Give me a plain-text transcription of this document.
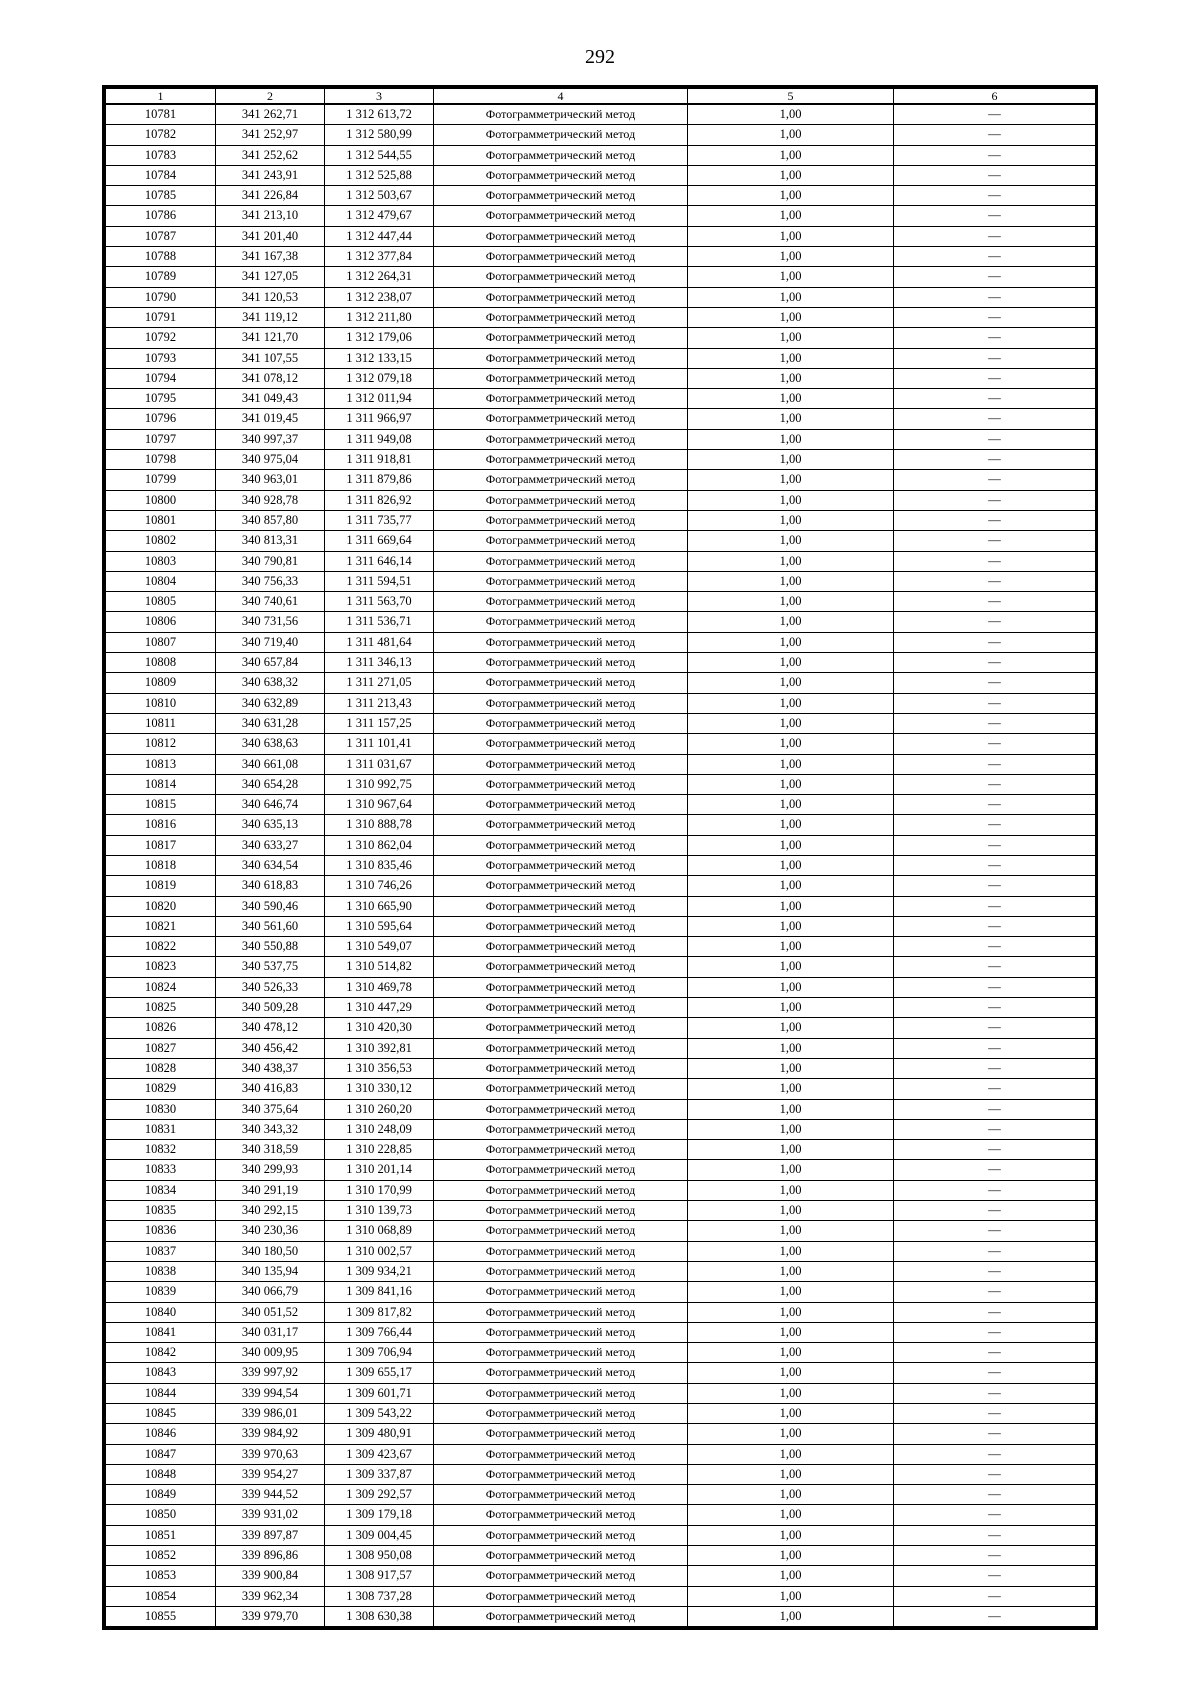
292
1	2	3	4	5	6
10781	341 262,71	1 312 613,72	Фотограмметрический метод	1,00	—
10782	341 252,97	1 312 580,99	Фотограмметрический метод	1,00	—
10783	341 252,62	1 312 544,55	Фотограмметрический метод	1,00	—
10784	341 243,91	1 312 525,88	Фотограмметрический метод	1,00	—
10785	341 226,84	1 312 503,67	Фотограмметрический метод	1,00	—
10786	341 213,10	1 312 479,67	Фотограмметрический метод	1,00	—
10787	341 201,40	1 312 447,44	Фотограмметрический метод	1,00	—
10788	341 167,38	1 312 377,84	Фотограмметрический метод	1,00	—
10789	341 127,05	1 312 264,31	Фотограмметрический метод	1,00	—
10790	341 120,53	1 312 238,07	Фотограмметрический метод	1,00	—
10791	341 119,12	1 312 211,80	Фотограмметрический метод	1,00	—
10792	341 121,70	1 312 179,06	Фотограмметрический метод	1,00	—
10793	341 107,55	1 312 133,15	Фотограмметрический метод	1,00	—
10794	341 078,12	1 312 079,18	Фотограмметрический метод	1,00	—
10795	341 049,43	1 312 011,94	Фотограмметрический метод	1,00	—
10796	341 019,45	1 311 966,97	Фотограмметрический метод	1,00	—
10797	340 997,37	1 311 949,08	Фотограмметрический метод	1,00	—
10798	340 975,04	1 311 918,81	Фотограмметрический метод	1,00	—
10799	340 963,01	1 311 879,86	Фотограмметрический метод	1,00	—
10800	340 928,78	1 311 826,92	Фотограмметрический метод	1,00	—
10801	340 857,80	1 311 735,77	Фотограмметрический метод	1,00	—
10802	340 813,31	1 311 669,64	Фотограмметрический метод	1,00	—
10803	340 790,81	1 311 646,14	Фотограмметрический метод	1,00	—
10804	340 756,33	1 311 594,51	Фотограмметрический метод	1,00	—
10805	340 740,61	1 311 563,70	Фотограмметрический метод	1,00	—
10806	340 731,56	1 311 536,71	Фотограмметрический метод	1,00	—
10807	340 719,40	1 311 481,64	Фотограмметрический метод	1,00	—
10808	340 657,84	1 311 346,13	Фотограмметрический метод	1,00	—
10809	340 638,32	1 311 271,05	Фотограмметрический метод	1,00	—
10810	340 632,89	1 311 213,43	Фотограмметрический метод	1,00	—
10811	340 631,28	1 311 157,25	Фотограмметрический метод	1,00	—
10812	340 638,63	1 311 101,41	Фотограмметрический метод	1,00	—
10813	340 661,08	1 311 031,67	Фотограмметрический метод	1,00	—
10814	340 654,28	1 310 992,75	Фотограмметрический метод	1,00	—
10815	340 646,74	1 310 967,64	Фотограмметрический метод	1,00	—
10816	340 635,13	1 310 888,78	Фотограмметрический метод	1,00	—
10817	340 633,27	1 310 862,04	Фотограмметрический метод	1,00	—
10818	340 634,54	1 310 835,46	Фотограмметрический метод	1,00	—
10819	340 618,83	1 310 746,26	Фотограмметрический метод	1,00	—
10820	340 590,46	1 310 665,90	Фотограмметрический метод	1,00	—
10821	340 561,60	1 310 595,64	Фотограмметрический метод	1,00	—
10822	340 550,88	1 310 549,07	Фотограмметрический метод	1,00	—
10823	340 537,75	1 310 514,82	Фотограмметрический метод	1,00	—
10824	340 526,33	1 310 469,78	Фотограмметрический метод	1,00	—
10825	340 509,28	1 310 447,29	Фотограмметрический метод	1,00	—
10826	340 478,12	1 310 420,30	Фотограмметрический метод	1,00	—
10827	340 456,42	1 310 392,81	Фотограмметрический метод	1,00	—
10828	340 438,37	1 310 356,53	Фотограмметрический метод	1,00	—
10829	340 416,83	1 310 330,12	Фотограмметрический метод	1,00	—
10830	340 375,64	1 310 260,20	Фотограмметрический метод	1,00	—
10831	340 343,32	1 310 248,09	Фотограмметрический метод	1,00	—
10832	340 318,59	1 310 228,85	Фотограмметрический метод	1,00	—
10833	340 299,93	1 310 201,14	Фотограмметрический метод	1,00	—
10834	340 291,19	1 310 170,99	Фотограмметрический метод	1,00	—
10835	340 292,15	1 310 139,73	Фотограмметрический метод	1,00	—
10836	340 230,36	1 310 068,89	Фотограмметрический метод	1,00	—
10837	340 180,50	1 310 002,57	Фотограмметрический метод	1,00	—
10838	340 135,94	1 309 934,21	Фотограмметрический метод	1,00	—
10839	340 066,79	1 309 841,16	Фотограмметрический метод	1,00	—
10840	340 051,52	1 309 817,82	Фотограмметрический метод	1,00	—
10841	340 031,17	1 309 766,44	Фотограмметрический метод	1,00	—
10842	340 009,95	1 309 706,94	Фотограмметрический метод	1,00	—
10843	339 997,92	1 309 655,17	Фотограмметрический метод	1,00	—
10844	339 994,54	1 309 601,71	Фотограмметрический метод	1,00	—
10845	339 986,01	1 309 543,22	Фотограмметрический метод	1,00	—
10846	339 984,92	1 309 480,91	Фотограмметрический метод	1,00	—
10847	339 970,63	1 309 423,67	Фотограмметрический метод	1,00	—
10848	339 954,27	1 309 337,87	Фотограмметрический метод	1,00	—
10849	339 944,52	1 309 292,57	Фотограмметрический метод	1,00	—
10850	339 931,02	1 309 179,18	Фотограмметрический метод	1,00	—
10851	339 897,87	1 309 004,45	Фотограмметрический метод	1,00	—
10852	339 896,86	1 308 950,08	Фотограмметрический метод	1,00	—
10853	339 900,84	1 308 917,57	Фотограмметрический метод	1,00	—
10854	339 962,34	1 308 737,28	Фотограмметрический метод	1,00	—
10855	339 979,70	1 308 630,38	Фотограмметрический метод	1,00	—
